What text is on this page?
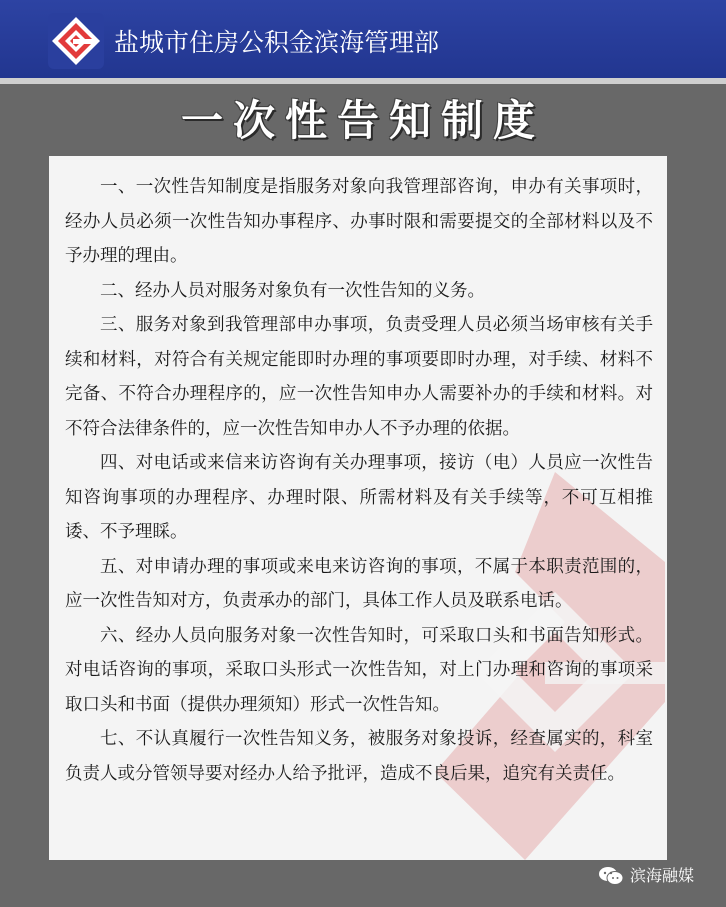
盐城市住房公积金滨海管理部
一次性告知制度

一、一次性告知制度是指服务对象向我管理部咨询，申办有关事项时，经办人员必须一次性告知办事程序、办事时限和需要提交的全部材料以及不予办理的理由。

二、经办人员对服务对象负有一次性告知的义务。

三、服务对象到我管理部申办事项，负责受理人员必须当场审核有关手续和材料，对符合有关规定能即时办理的事项要即时办理，对手续、材料不完备、不符合办理程序的，应一次性告知申办人需要补办的手续和材料。对不符合法律条件的，应一次性告知申办人不予办理的依据。

四、对电话或来信来访咨询有关办理事项，接访（电）人员应一次性告知咨询事项的办理程序、办理时限、所需材料及有关手续等，不可互相推诿、不予理睬。

五、对申请办理的事项或来电来访咨询的事项，不属于本职责范围的，应一次性告知对方，负责承办的部门，具体工作人员及联系电话。

六、经办人员向服务对象一次性告知时，可采取口头和书面告知形式。对电话咨询的事项，采取口头形式一次性告知，对上门办理和咨询的事项采取口头和书面（提供办理须知）形式一次性告知。

七、不认真履行一次性告知义务，被服务对象投诉，经查属实的，科室负责人或分管领导要对经办人给予批评，造成不良后果，追究有关责任。

滨海融媒
